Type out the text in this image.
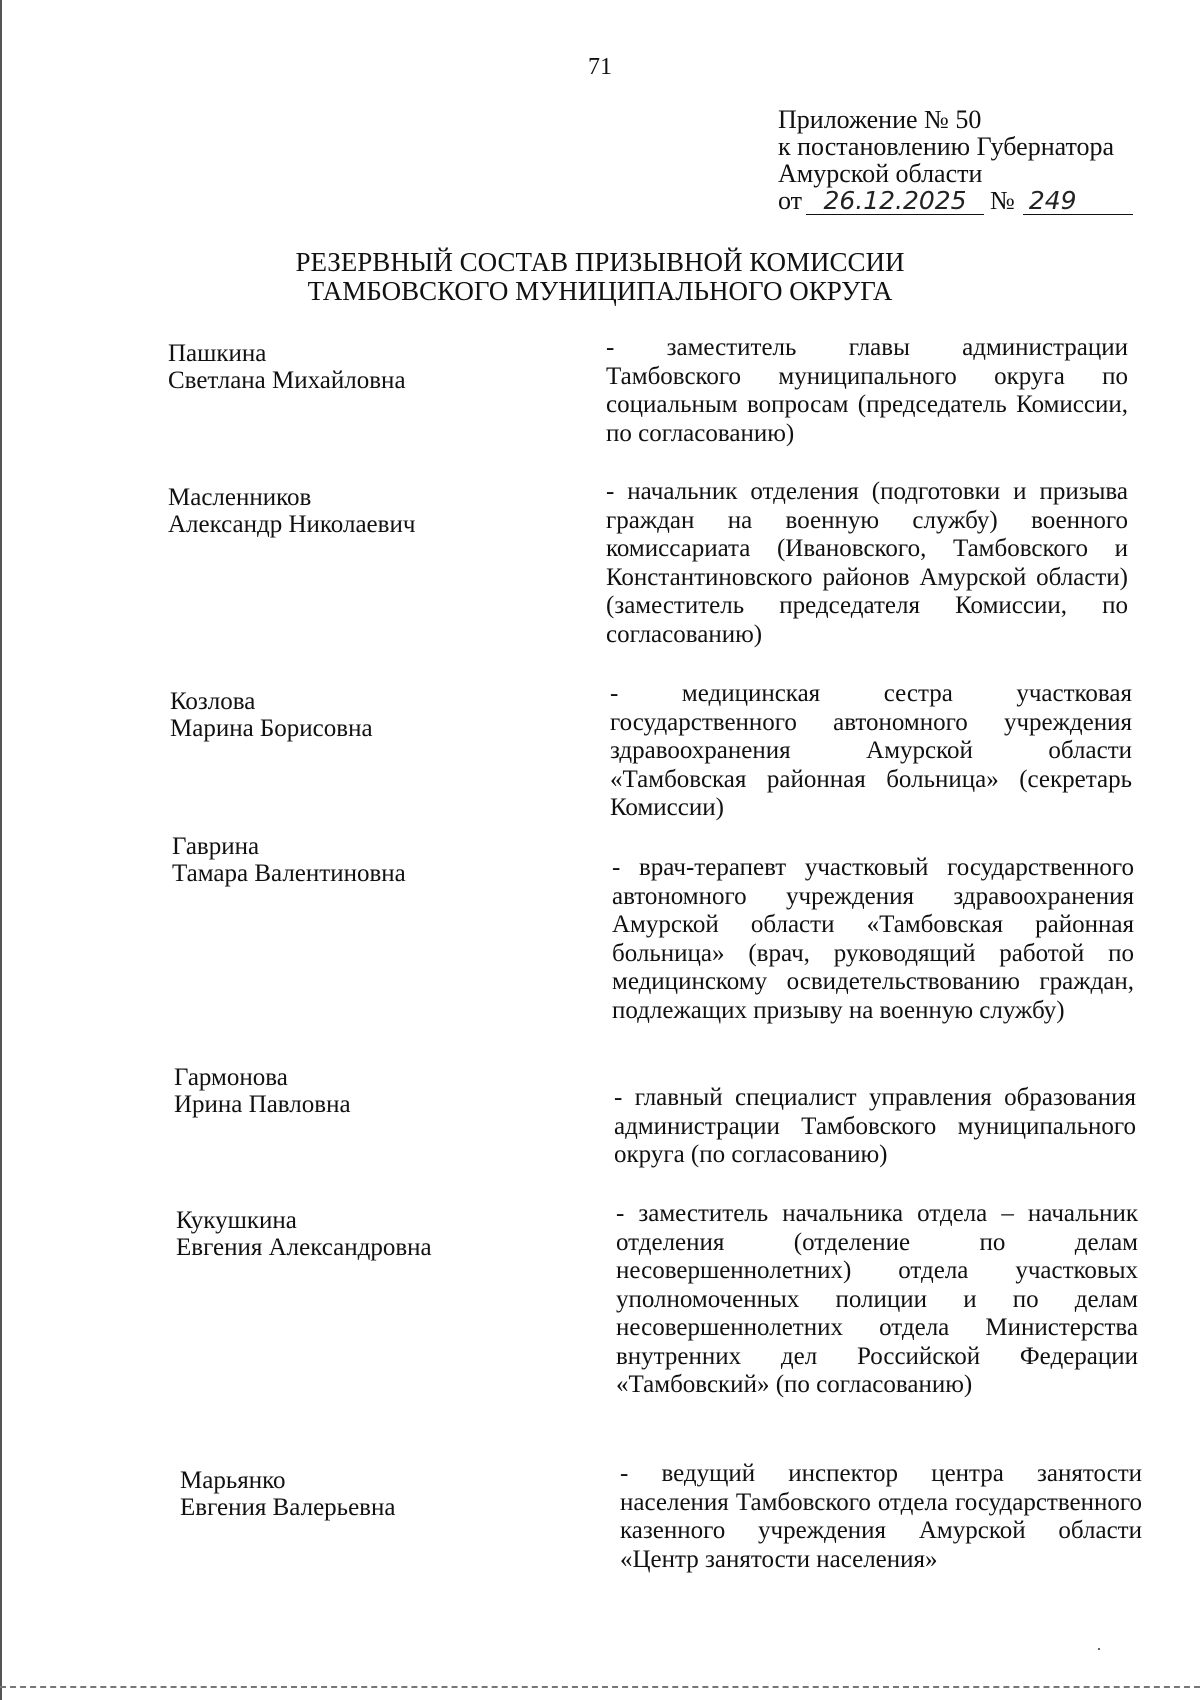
71
Приложение № 50
к постановлению Губернатора
Амурской области
от 26.12.2025 № 249
РЕЗЕРВНЫЙ СОСТАВ ПРИЗЫВНОЙ КОМИССИИ
ТАМБОВСКОГО МУНИЦИПАЛЬНОГО ОКРУГА
Пашкина
Светлана Михайловна
- заместитель главы администрации Тамбовского муниципального округа по социальным вопросам (председатель Комиссии, по согласованию)
Масленников
Александр Николаевич
- начальник отделения (подготовки и призыва граждан на военную службу) военного комиссариата (Ивановского, Тамбовского и Константиновского районов Амурской области) (заместитель председателя Комиссии, по согласованию)
Козлова
Марина Борисовна
- медицинская сестра участковая государственного автономного учреждения здравоохранения Амурской области «Тамбовская районная больница» (секретарь Комиссии)
Гаврина
Тамара Валентиновна	- врач-терапевт участковый государственного автономного учреждения здравоохранения Амурской области «Тамбовская районная больница» (врач, руководящий работой по медицинскому освидетельствованию граждан, подлежащих призыву на военную службу)
Гармонова
Ирина Павловна	- главный специалист управления образования администрации Тамбовского муниципального округа (по согласованию)
Кукушкина
Евгения Александровна
- заместитель начальника отдела – начальник отделения (отделение по делам несовершеннолетних) отдела участковых уполномоченных полиции и по делам несовершеннолетних отдела Министерства внутренних дел Российской Федерации «Тамбовский» (по согласованию)
Марьянко
Евгения Валерьевна
- ведущий инспектор центра занятости населения Тамбовского отдела государственного казенного учреждения Амурской области «Центр занятости населения»
